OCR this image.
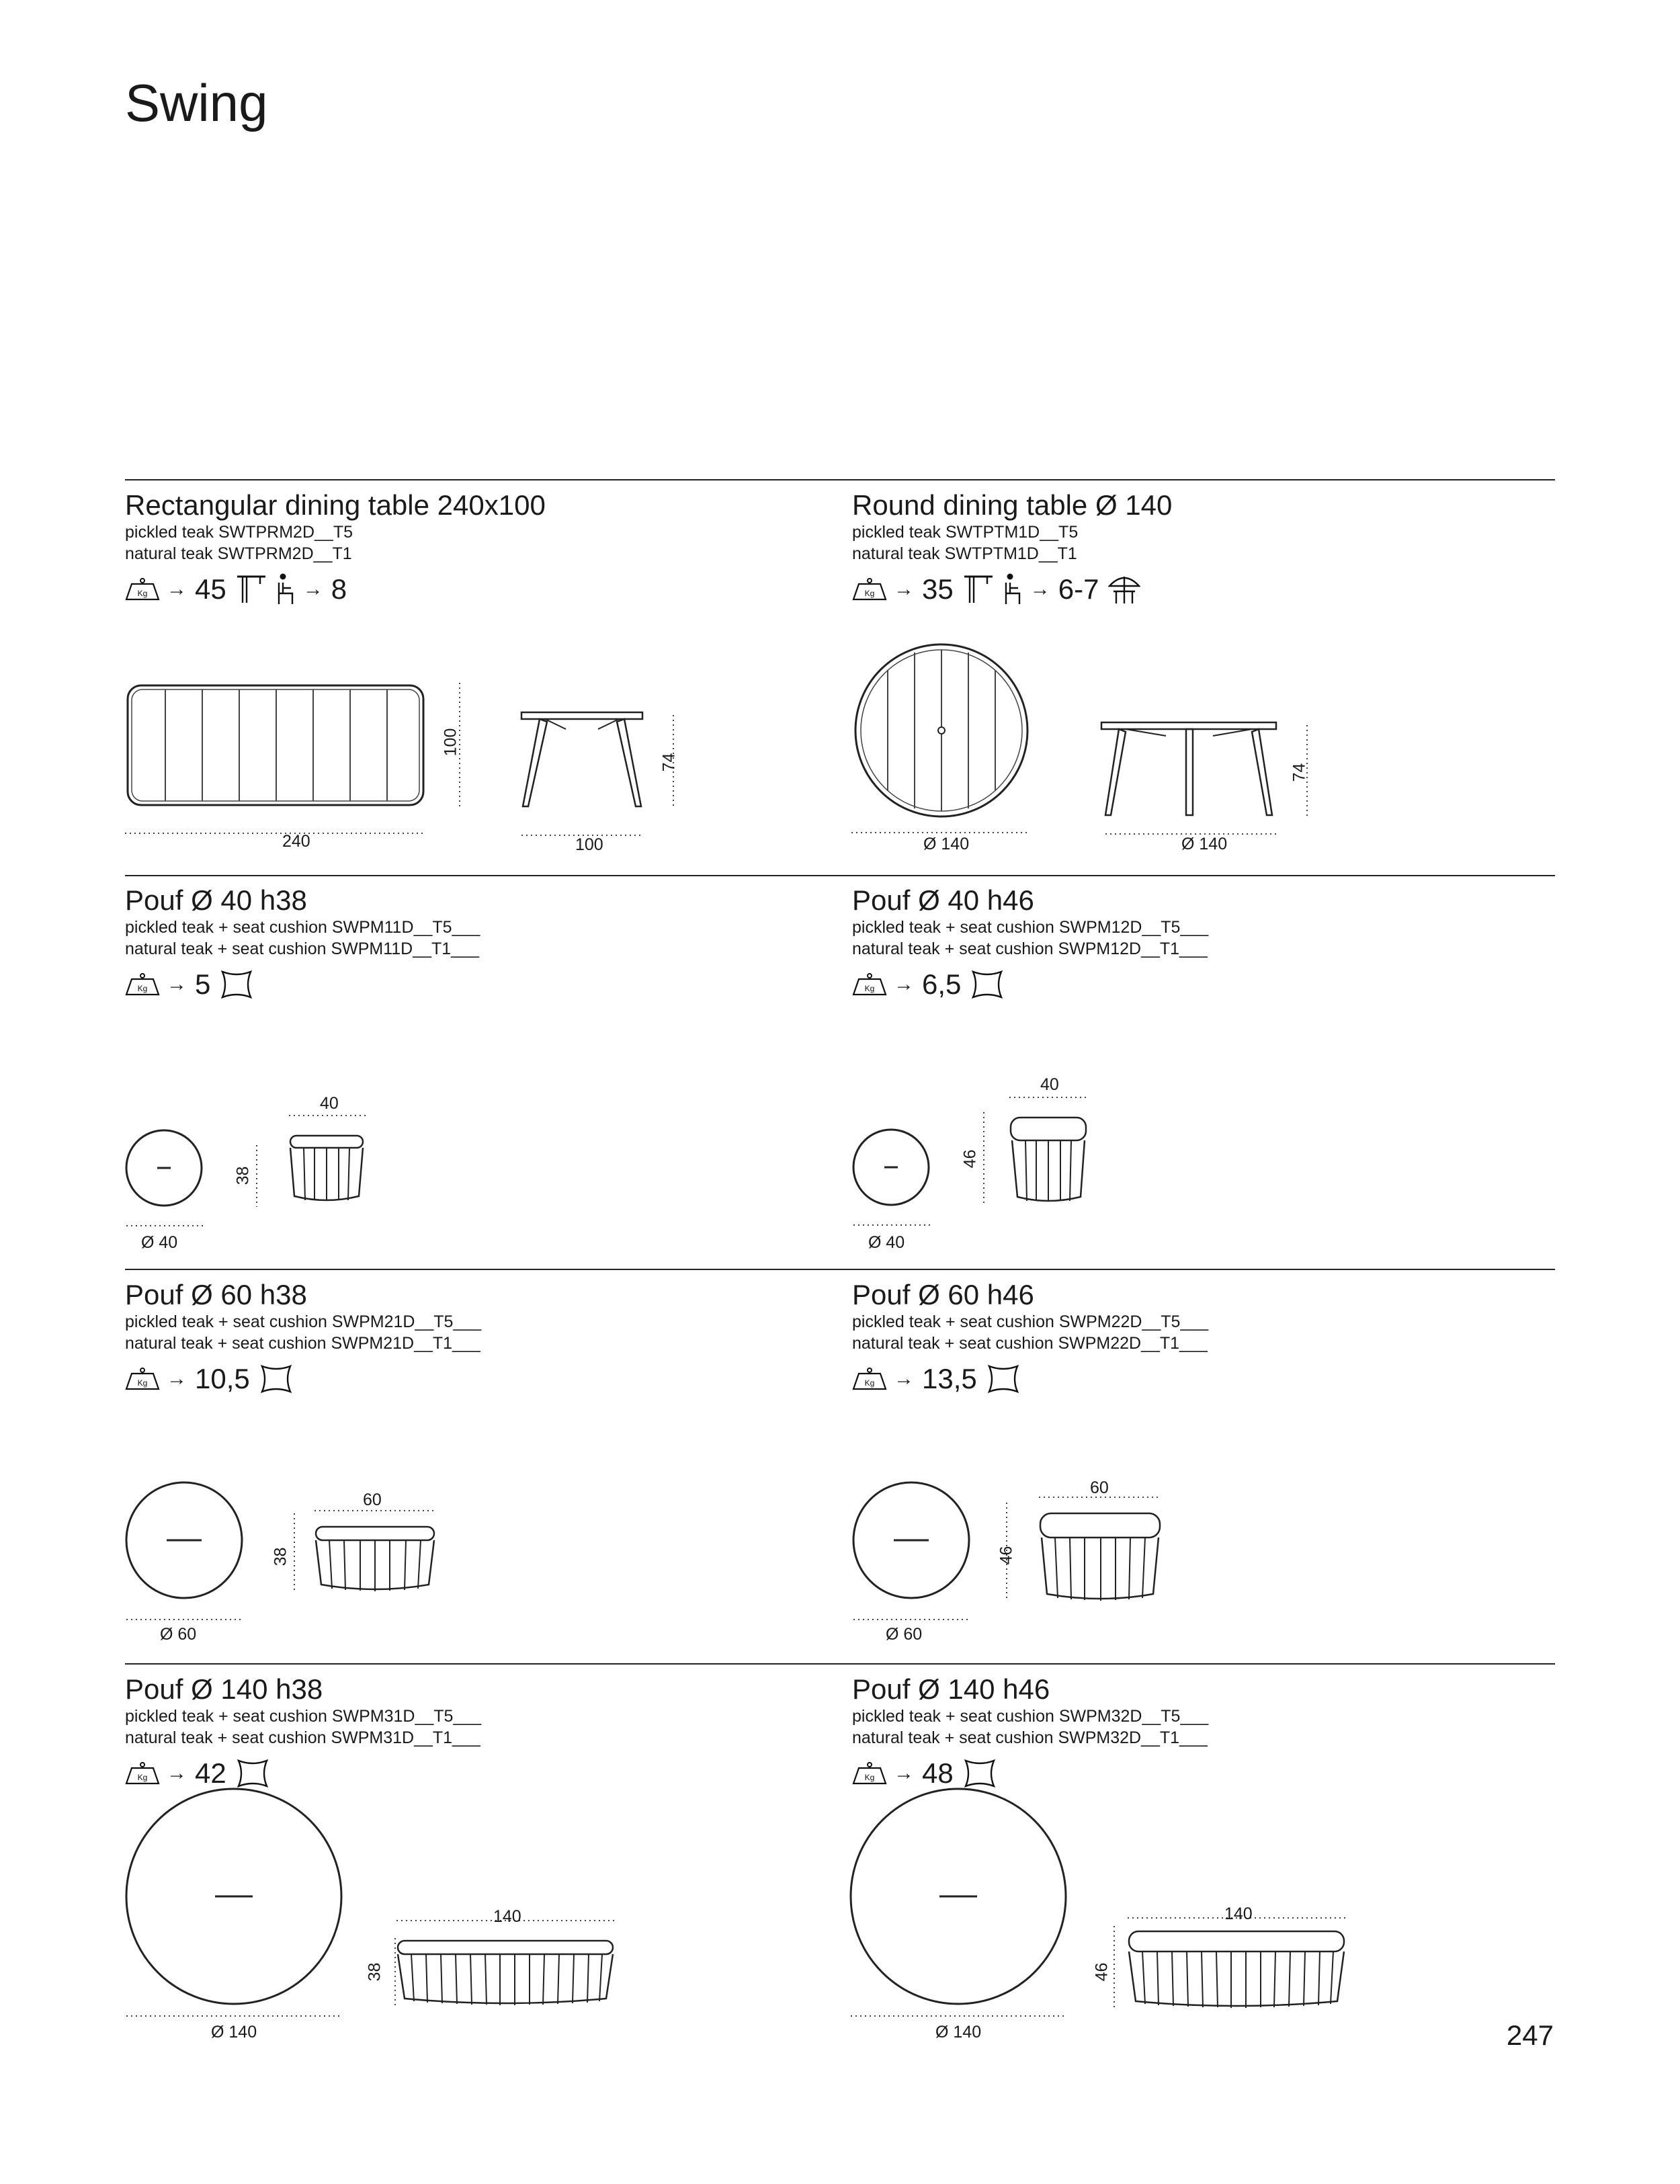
Swing
Rectangular dining table 240x100
pickled teak SWTPRM2D__T5
natural teak SWTPRM2D__T1
→ 45	→ 8
240
100
100
74
Round dining table Ø 140
pickled teak SWTPTM1D__T5
natural teak SWTPTM1D__T1
→ 35	→ 6-7
Ø 140	Ø 140
74
Pouf Ø 40 h38
pickled teak + seat cushion SWPM11D__T5___
natural teak + seat cushion SWPM11D__T1___
→ 5
Ø 40
40
38
Pouf Ø 40 h46
pickled teak + seat cushion SWPM12D__T5___
natural teak + seat cushion SWPM12D__T1___
→ 6,5
Ø 40
40
46
Pouf Ø 60 h38
pickled teak + seat cushion SWPM21D__T5___
natural teak + seat cushion SWPM21D__T1___
→ 10,5
Ø 60
60
38
Pouf Ø 60 h46
pickled teak + seat cushion SWPM22D__T5___
natural teak + seat cushion SWPM22D__T1___
→ 13,5
Ø 60
60
46
Pouf Ø 140 h38
pickled teak + seat cushion SWPM31D__T5___
natural teak + seat cushion SWPM31D__T1___
→ 42
Ø 140
140
38
Pouf Ø 140 h46
pickled teak + seat cushion SWPM32D__T5___
natural teak + seat cushion SWPM32D__T1___
→ 48
Ø 140
140
46
247
